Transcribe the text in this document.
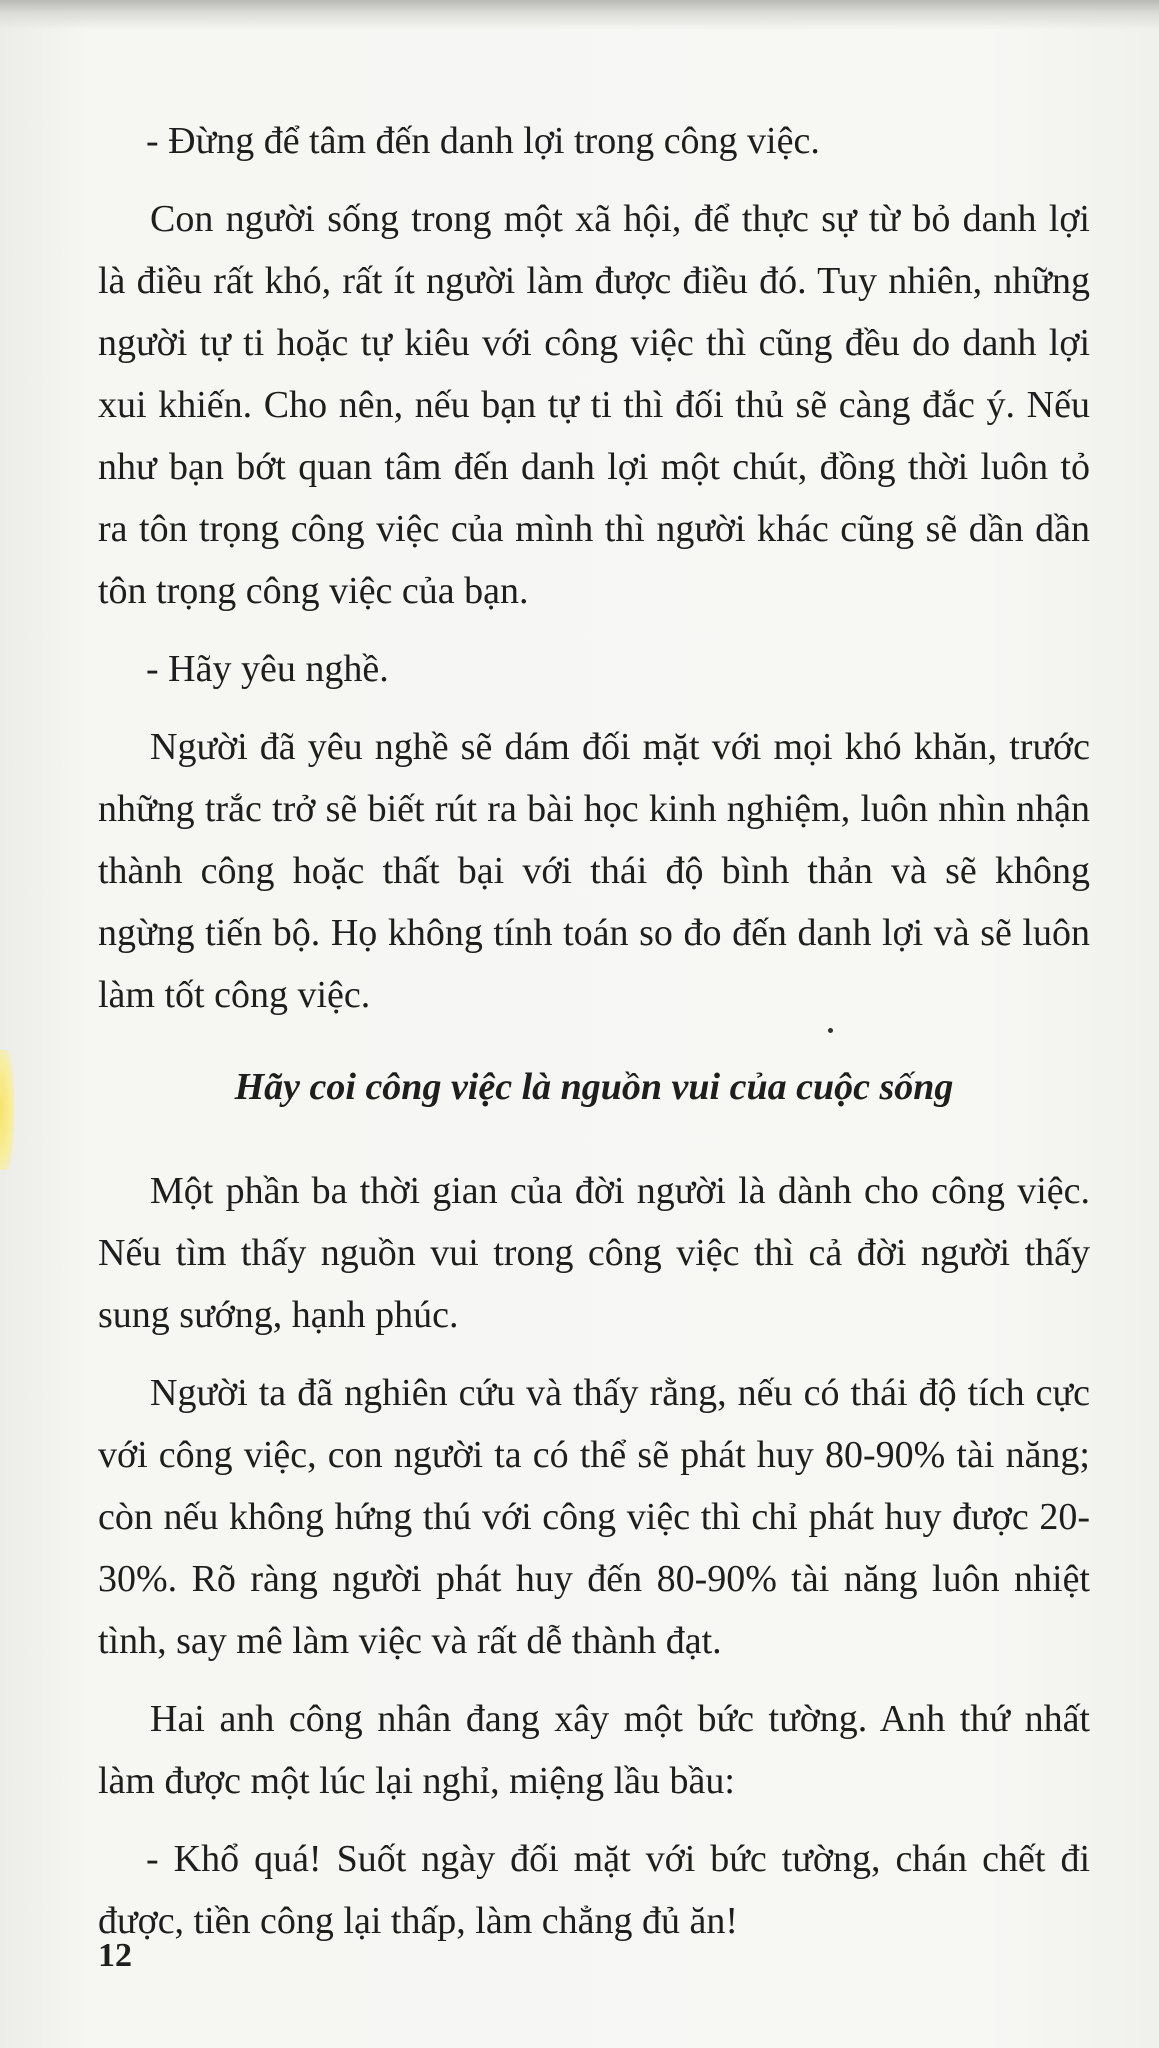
- Đừng để tâm đến danh lợi trong công việc.

Con người sống trong một xã hội, để thực sự từ bỏ danh lợi là điều rất khó, rất ít người làm được điều đó. Tuy nhiên, những người tự ti hoặc tự kiêu với công việc thì cũng đều do danh lợi xui khiến. Cho nên, nếu bạn tự ti thì đối thủ sẽ càng đắc ý. Nếu như bạn bớt quan tâm đến danh lợi một chút, đồng thời luôn tỏ ra tôn trọng công việc của mình thì người khác cũng sẽ dần dần tôn trọng công việc của bạn.

- Hãy yêu nghề.

Người đã yêu nghề sẽ dám đối mặt với mọi khó khăn, trước những trắc trở sẽ biết rút ra bài học kinh nghiệm, luôn nhìn nhận thành công hoặc thất bại với thái độ bình thản và sẽ không ngừng tiến bộ. Họ không tính toán so đo đến danh lợi và sẽ luôn làm tốt công việc.

Hãy coi công việc là nguồn vui của cuộc sống

Một phần ba thời gian của đời người là dành cho công việc. Nếu tìm thấy nguồn vui trong công việc thì cả đời người thấy sung sướng, hạnh phúc.

Người ta đã nghiên cứu và thấy rằng, nếu có thái độ tích cực với công việc, con người ta có thể sẽ phát huy 80-90% tài năng; còn nếu không hứng thú với công việc thì chỉ phát huy được 20-30%. Rõ ràng người phát huy đến 80-90% tài năng luôn nhiệt tình, say mê làm việc và rất dễ thành đạt.

Hai anh công nhân đang xây một bức tường. Anh thứ nhất làm được một lúc lại nghỉ, miệng lầu bầu:

- Khổ quá! Suốt ngày đối mặt với bức tường, chán chết đi được, tiền công lại thấp, làm chẳng đủ ăn!

12
